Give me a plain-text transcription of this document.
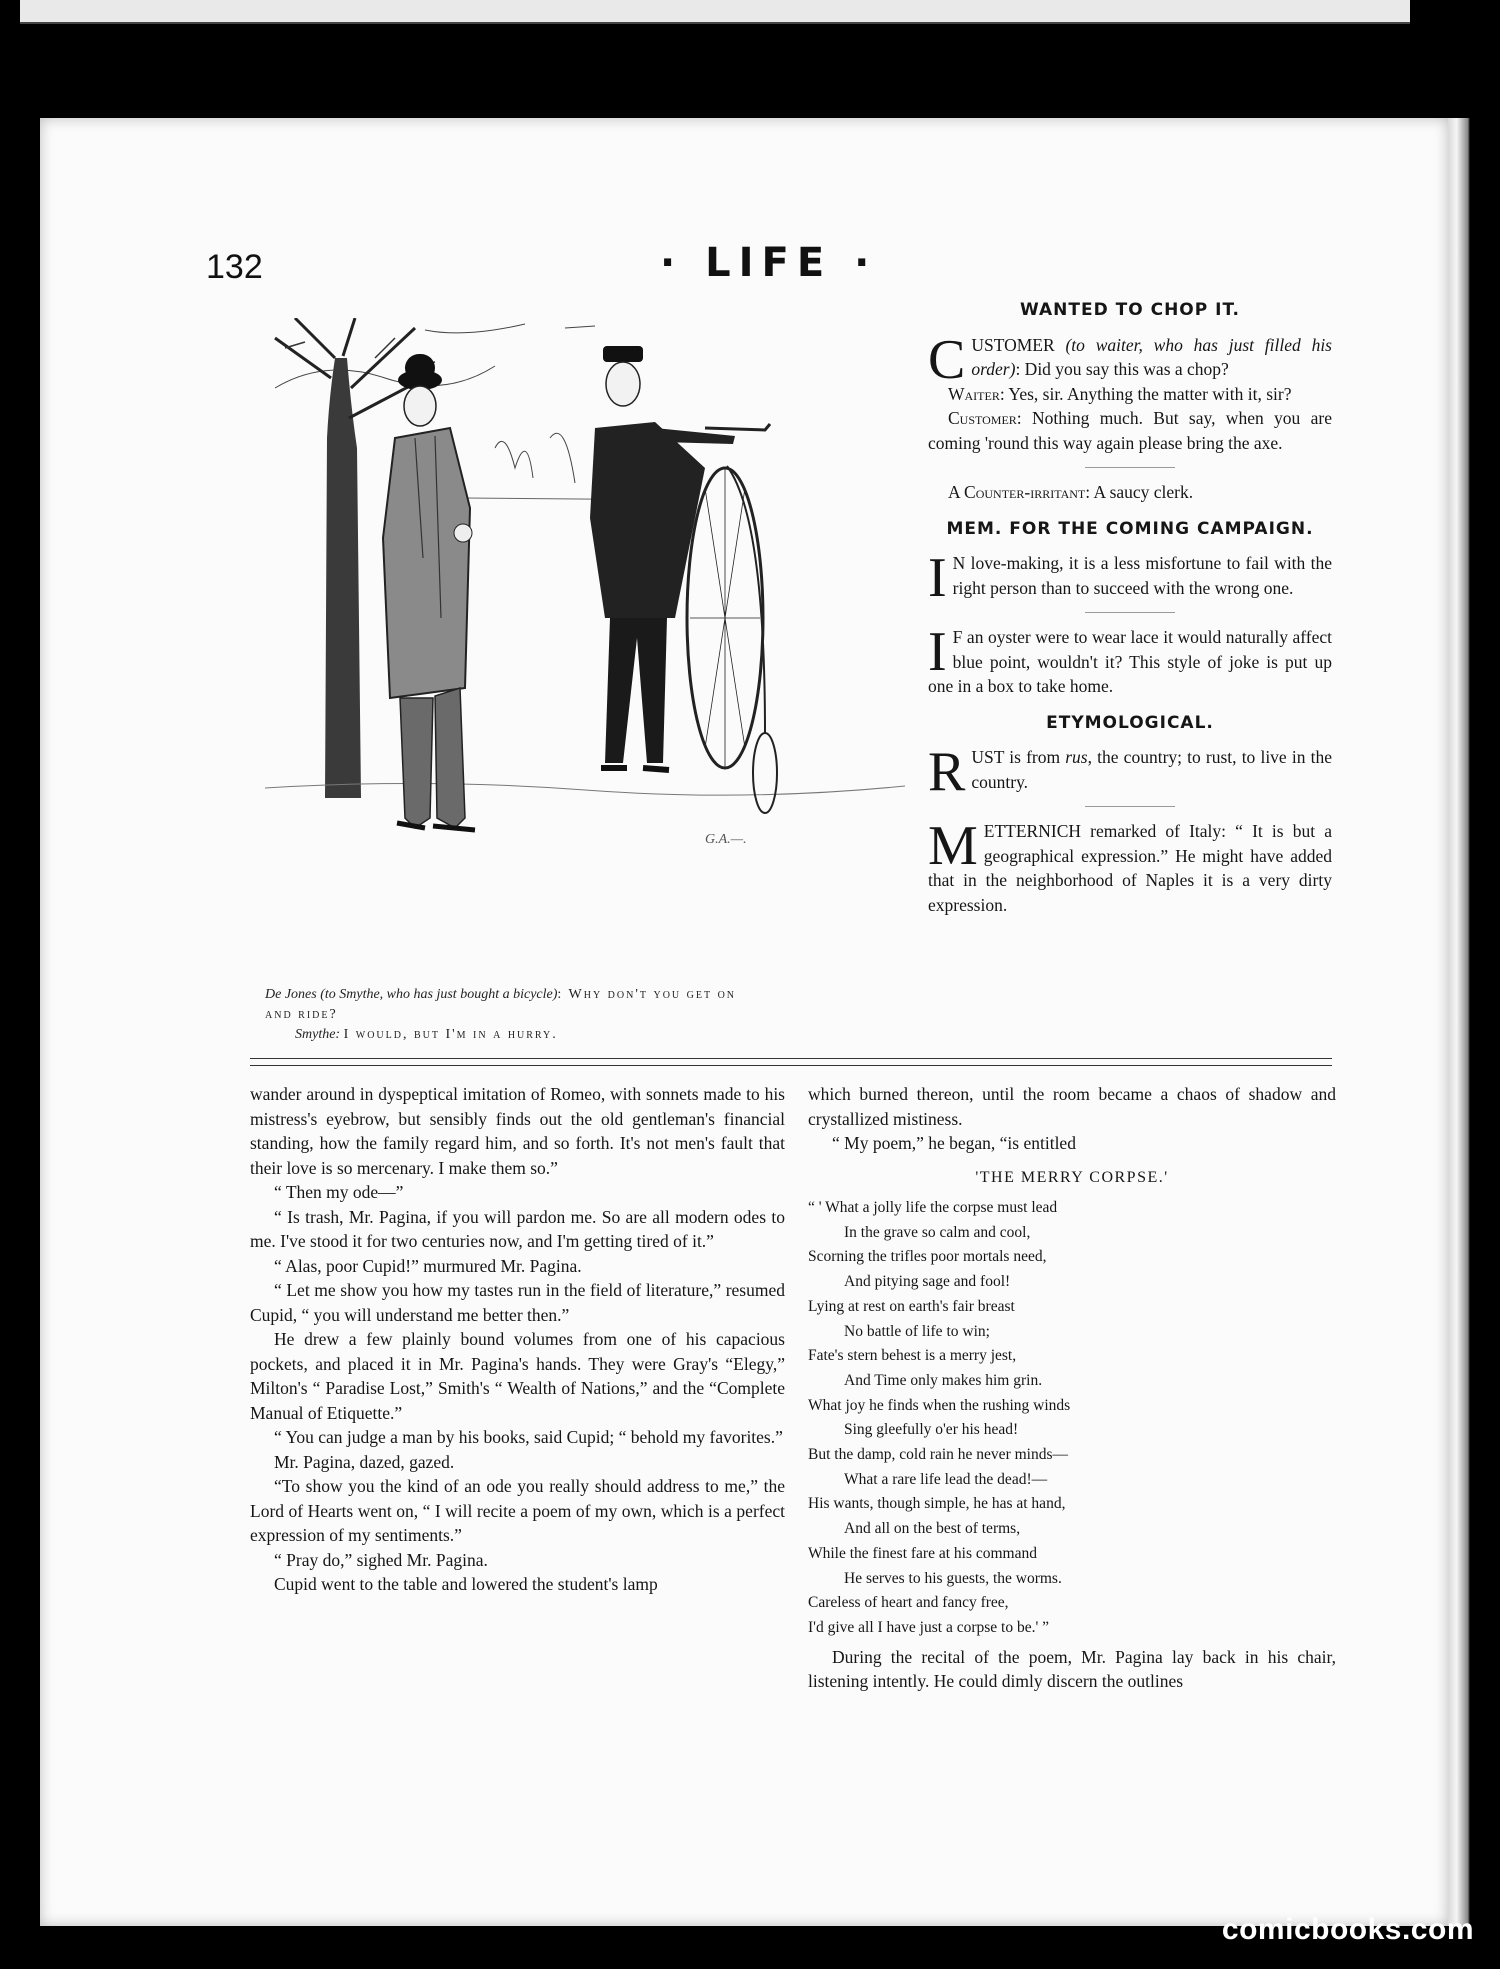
132	· LIFE ·
G.A.—.
De Jones (to Smythe, who has just bought a bicycle): Why don't you get on
and ride?
Smythe: I would, but I'm in a hurry.
WANTED TO CHOP IT.

CUSTOMER (to waiter, who has just filled his order): Did you say this was a chop?

Waiter: Yes, sir. Anything the matter with it, sir?

Customer: Nothing much. But say, when you are coming 'round this way again please bring the axe.

A Counter-irritant: A saucy clerk.

MEM. FOR THE COMING CAMPAIGN.

I N love-making, it is a less misfortune to fail with the right person than to succeed with the wrong one.

I F an oyster were to wear lace it would naturally affect blue point, wouldn't it? This style of joke is put up one in a box to take home.

ETYMOLOGICAL.

RUST is from rus, the country; to rust, to live in the country.

METTERNICH remarked of Italy: “ It is but a geographical expression.” He might have added that in the neighborhood of Naples it is a very dirty expression.

wander around in dyspeptical imitation of Romeo, with sonnets made to his mistress's eyebrow, but sensibly finds out the old gentleman's financial standing, how the family regard him, and so forth. It's not men's fault that their love is so mercenary. I make them so.”

“ Then my ode—”

“ Is trash, Mr. Pagina, if you will pardon me. So are all modern odes to me. I've stood it for two centuries now, and I'm getting tired of it.”

“ Alas, poor Cupid!” murmured Mr. Pagina.

“ Let me show you how my tastes run in the field of literature,” resumed Cupid, “ you will understand me better then.”

He drew a few plainly bound volumes from one of his capacious pockets, and placed it in Mr. Pagina's hands. They were Gray's “Elegy,” Milton's “ Paradise Lost,” Smith's “ Wealth of Nations,” and the “Complete Manual of Etiquette.”

“ You can judge a man by his books, said Cupid; “ behold my favorites.”

Mr. Pagina, dazed, gazed.

“To show you the kind of an ode you really should address to me,” the Lord of Hearts went on, “ I will recite a poem of my own, which is a perfect expression of my sentiments.”

“ Pray do,” sighed Mr. Pagina.

Cupid went to the table and lowered the student's lamp

which burned thereon, until the room became a chaos of shadow and crystallized mistiness.

“ My poem,” he began, “is entitled

'THE MERRY CORPSE.'
“ ' What a jolly life the corpse must lead
In the grave so calm and cool,
Scorning the trifles poor mortals need,
And pitying sage and fool!
Lying at rest on earth's fair breast
No battle of life to win;
Fate's stern behest is a merry jest,
And Time only makes him grin.
What joy he finds when the rushing winds
Sing gleefully o'er his head!
But the damp, cold rain he never minds—
What a rare life lead the dead!—
His wants, though simple, he has at hand,
And all on the best of terms,
While the finest fare at his command
He serves to his guests, the worms.
Careless of heart and fancy free,
I'd give all I have just a corpse to be.' ”

During the recital of the poem, Mr. Pagina lay back in his chair, listening intently. He could dimly discern the outlines

comicbooks.com
